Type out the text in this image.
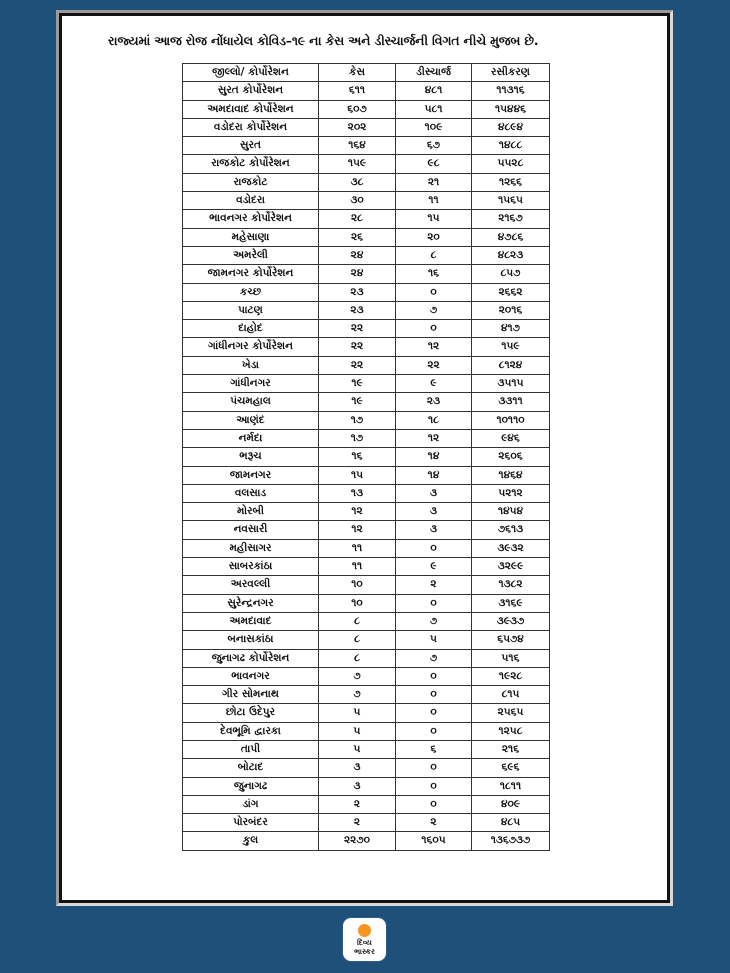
રાજ્યમાં આજ રોજ નોંધાયેલ કોવિડ–૧૯ ના કેસ અને ડીસ્ચાર્જની વિગત નીચે મુજબ છે.
જીલ્લો/ કોર્પોરેશન	કેસ	ડીસ્ચાર્જ	રસીકરણ
સુરત કોર્પોરેશન	૬૧૧	૪૮૧	૧૧૩૧૬
અમદાવાદ કોર્પોરેશન	૬૦૭	૫૮૧	૧૫૪૪૬
વડોદરા કોર્પોરેશન	૨૦૨	૧૦૯	૪૮૯૪
સુરત	૧૬૪	૬૭	૧૪૮૮
રાજકોટ કોર્પોરેશન	૧૫૯	૯૮	૫૫૨૮
રાજકોટ	૩૮	૨૧	૧૨૬૬
વડોદરા	૩૦	૧૧	૧૫૬૫
ભાવનગર કોર્પોરેશન	૨૮	૧૫	૨૧૬૭
મહેસાણા	૨૬	૨૦	૪૭૮૬
અમરેલી	૨૪	૮	૪૮૨૩
જામનગર કોર્પોરેશન	૨૪	૧૬	૮૫૭
કચ્છ	૨૩	૦	૨૬૬૨
પાટણ	૨૩	૭	૨૦૧૬
દાહોદ	૨૨	૦	૪૧૭
ગાંધીનગર કોર્પોરેશન	૨૨	૧૨	૧૫૯
ખેડા	૨૨	૨૨	૮૧૨૪
ગાંધીનગર	૧૯	૯	૩૫૧૫
પંચમહાલ	૧૯	૨૩	૩૩૧૧
આણંદ	૧૭	૧૮	૧૦૧૧૦
નર્મદા	૧૭	૧૨	૯૪૬
ભરૂચ	૧૬	૧૪	૨૬૦૬
જામનગર	૧૫	૧૪	૧૪૬૪
વલસાડ	૧૩	૩	૫૨૧૨
મોરબી	૧૨	૩	૧૪૫૪
નવસારી	૧૨	૩	૭૬૧૩
મહીસાગર	૧૧	૦	૩૯૩૨
સાબરકાંઠા	૧૧	૯	૩૨૯૯
અરવલ્લી	૧૦	૨	૧૩૮૨
સુરેન્દ્રનગર	૧૦	૦	૩૧૬૯
અમદાવાદ	૮	૭	૩૯૩૭
બનાસકાંઠા	૮	૫	૬૫૭૪
જુનાગઢ કોર્પોરેશન	૮	૭	૫૧૬
ભાવનગર	૭	૦	૧૯૨૮
ગીર સોમનાથ	૭	૦	૮૧૫
છોટા ઉદેપુર	૫	૦	૨૫૬૫
દેવભૂમિ દ્વારકા	૫	૦	૧૨૫૮
તાપી	૫	૬	૨૧૬
બોટાદ	૩	૦	૬૯૬
જુનાગઢ	૩	૦	૧૮૧૧
ડાંગ	૨	૦	૪૦૯
પોરબંદર	૨	૨	૪૮૫
કુલ	૨૨૭૦	૧૬૦૫	૧૩૬૭૩૭
દિવ્ય
ભાસ્કર
